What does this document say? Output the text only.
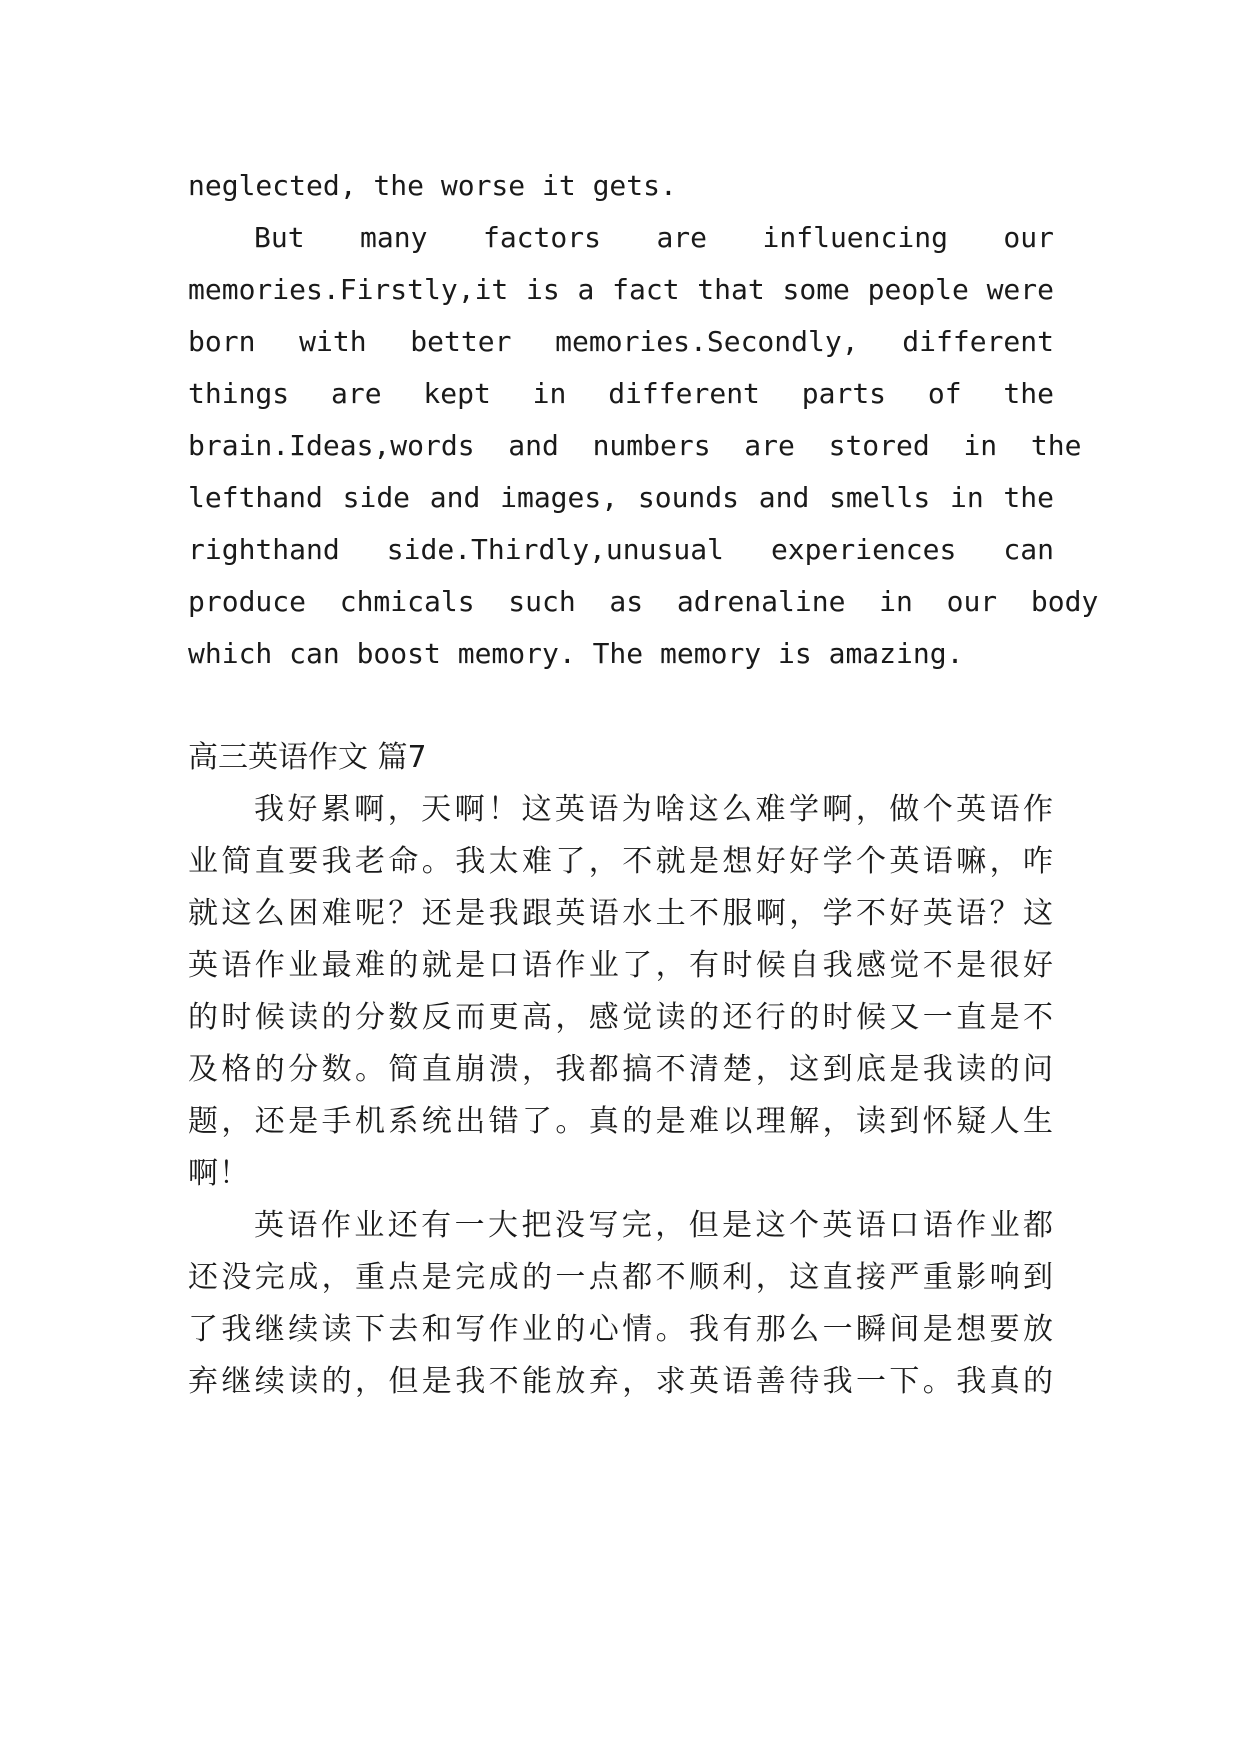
neglected, the worse it gets.
But  many  factors  are  influencing  our
memories.Firstly,it is a fact that some people were
born  with  better  memories.Secondly,  different
things  are  kept  in  different  parts  of  the
brain.Ideas,words  and  numbers  are  stored  in  the
lefthand side and images, sounds and smells in the
righthand  side.Thirdly,unusual  experiences  can
produce  chmicals  such  as  adrenaline  in  our  body
which can boost memory. The memory is amazing.
高三英语作文 篇7
我好累啊，天啊！这英语为啥这么难学啊，做个英语作
业简直要我老命。我太难了，不就是想好好学个英语嘛，咋
就这么困难呢？还是我跟英语水土不服啊，学不好英语？这
英语作业最难的就是口语作业了，有时候自我感觉不是很好
的时候读的分数反而更高，感觉读的还行的时候又一直是不
及格的分数。简直崩溃，我都搞不清楚，这到底是我读的问
题，还是手机系统出错了。真的是难以理解，读到怀疑人生
啊！
英语作业还有一大把没写完，但是这个英语口语作业都
还没完成，重点是完成的一点都不顺利，这直接严重影响到
了我继续读下去和写作业的心情。我有那么一瞬间是想要放
弃继续读的，但是我不能放弃，求英语善待我一下。我真的
